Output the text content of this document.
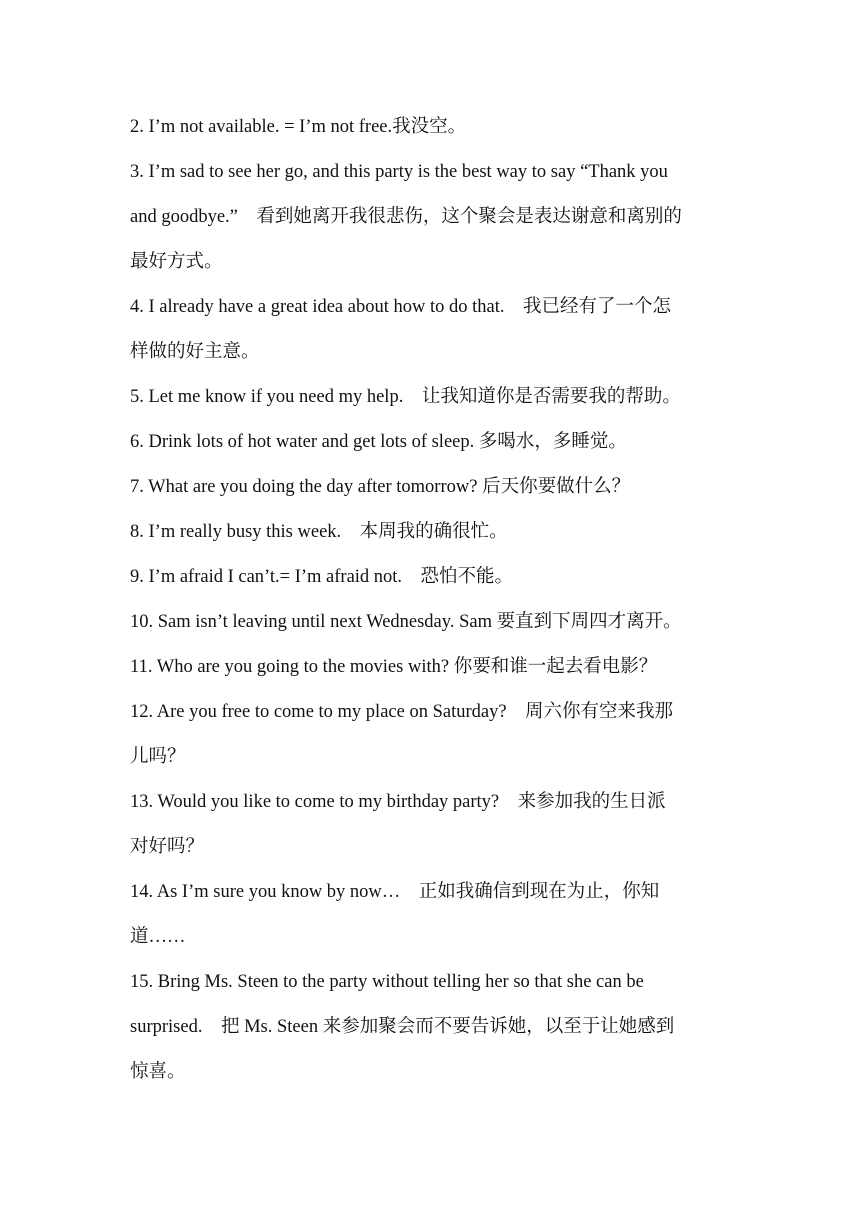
2. I’m not available. = I’m not free.我没空。
3. I’m sad to see her go, and this party is the best way to say “Thank you
and goodbye.”　看到她离开我很悲伤，这个聚会是表达谢意和离别的
最好方式。
4. I already have a great idea about how to do that.　我已经有了一个怎
样做的好主意。
5. Let me know if you need my help.　让我知道你是否需要我的帮助。
6. Drink lots of hot water and get lots of sleep. 多喝水，多睡觉。
7. What are you doing the day after tomorrow? 后天你要做什么？
8. I’m really busy this week.　本周我的确很忙。
9. I’m afraid I can’t.= I’m afraid not.　恐怕不能。
10. Sam isn’t leaving until next Wednesday. Sam 要直到下周四才离开。
11. Who are you going to the movies with? 你要和谁一起去看电影？
12. Are you free to come to my place on Saturday?　周六你有空来我那
儿吗？
13. Would you like to come to my birthday party?　来参加我的生日派
对好吗？
14. As I’m sure you know by now…　正如我确信到现在为止，你知
道……
15. Bring Ms. Steen to the party without telling her so that she can be
surprised.　把 Ms. Steen 来参加聚会而不要告诉她，以至于让她感到
惊喜。
